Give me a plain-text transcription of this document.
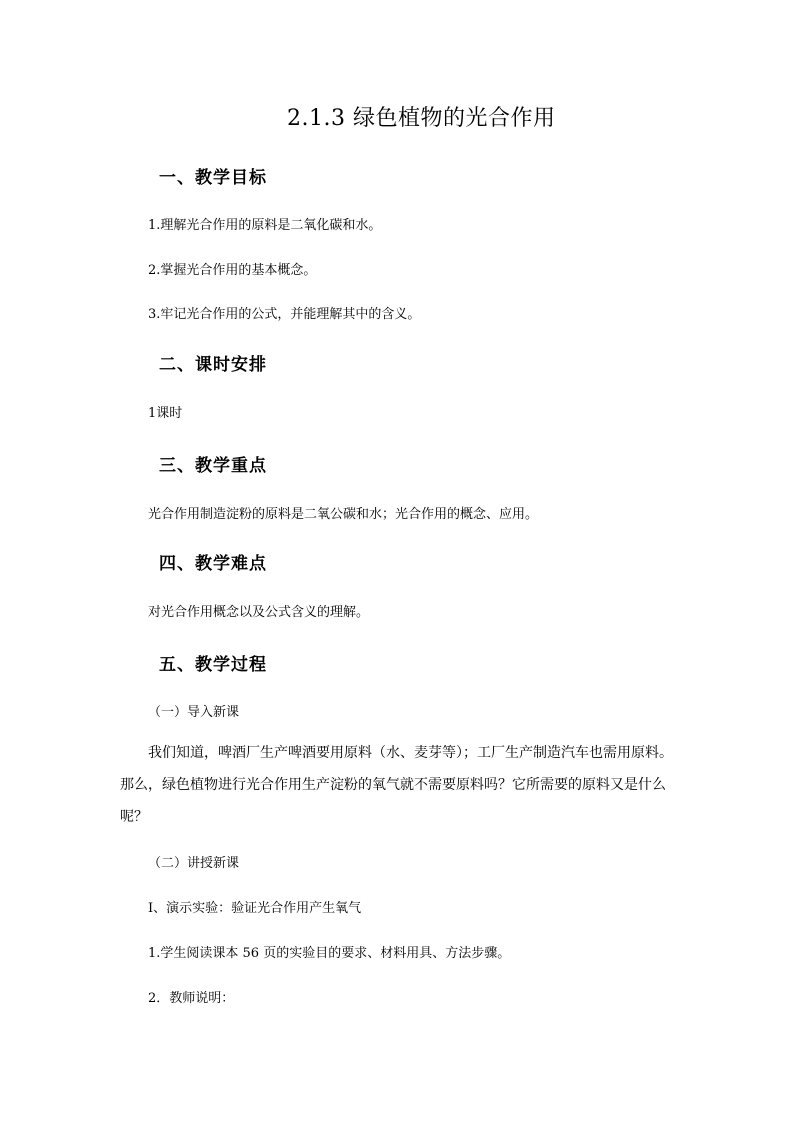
2.1.3 绿色植物的光合作用
一、教学目标
1.理解光合作用的原料是二氧化碳和水。
2.掌握光合作用的基本概念。
3.牢记光合作用的公式，并能理解其中的含义。
二、课时安排
1课时
三、教学重点
光合作用制造淀粉的原料是二氧公碳和水；光合作用的概念、应用。
四、教学难点
对光合作用概念以及公式含义的理解。
五、教学过程
（一）导入新课
我们知道，啤酒厂生产啤酒要用原料（水、麦芽等）；工厂生产制造汽车也需用原料。那么，绿色植物进行光合作用生产淀粉的氧气就不需要原料吗？它所需要的原料又是什么呢？
（二）讲授新课
Ⅰ、演示实验：验证光合作用产生氧气
1.学生阅读课本 56 页的实验目的要求、材料用具、方法步骤。
2．教师说明：
